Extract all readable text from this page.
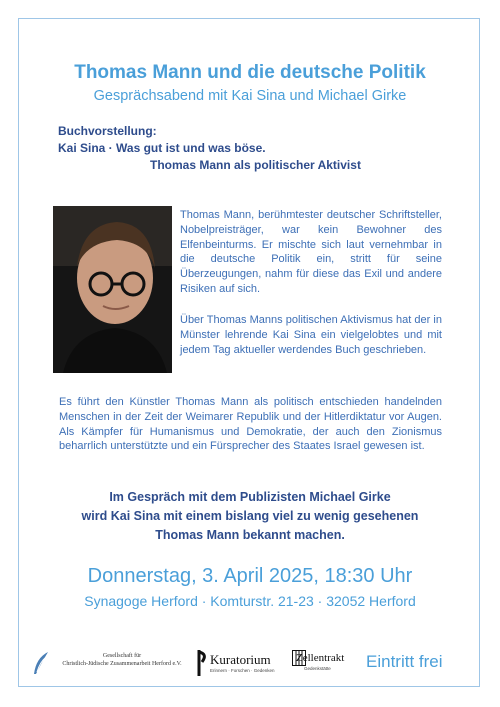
Thomas Mann und die deutsche Politik
Gesprächsabend mit Kai Sina und Michael Girke
Buchvorstellung:
Kai Sina · Was gut ist und was böse.
Thomas Mann als politischer Aktivist

Thomas Mann, berühmtester deutscher Schriftsteller, Nobelpreisträger, war kein Bewohner des Elfenbeinturms. Er mischte sich laut vernehmbar in die deutsche Politik ein, stritt für seine Überzeugungen, nahm für diese das Exil und andere Risiken auf sich.

Über Thomas Manns politischen Aktivismus hat der in Münster lehrende Kai Sina ein vielgelobtes und mit jedem Tag aktueller werdendes Buch geschrieben.

Es führt den Künstler Thomas Mann als politisch entschieden handelnden Menschen in der Zeit der Weimarer Republik und der Hitlerdiktatur vor Augen. Als Kämpfer für Humanismus und Demokratie, der auch den Zionismus beharrlich unterstützte und ein Fürsprecher des Staates Israel gewesen ist.

Im Gespräch mit dem Publizisten Michael Girke
wird Kai Sina mit einem bislang viel zu wenig gesehenen
Thomas Mann bekannt machen.
Donnerstag, 3. April 2025, 18:30 Uhr
Synagoge Herford · Komturstr. 21-23 · 32052 Herford
Gesellschaft für
Christlich-Jüdische Zusammenarbeit Herford e.V.	Kuratorium
Erinnern · Forschen · Gedenken
Zellentrakt
Gedenkstätte Eintritt frei
